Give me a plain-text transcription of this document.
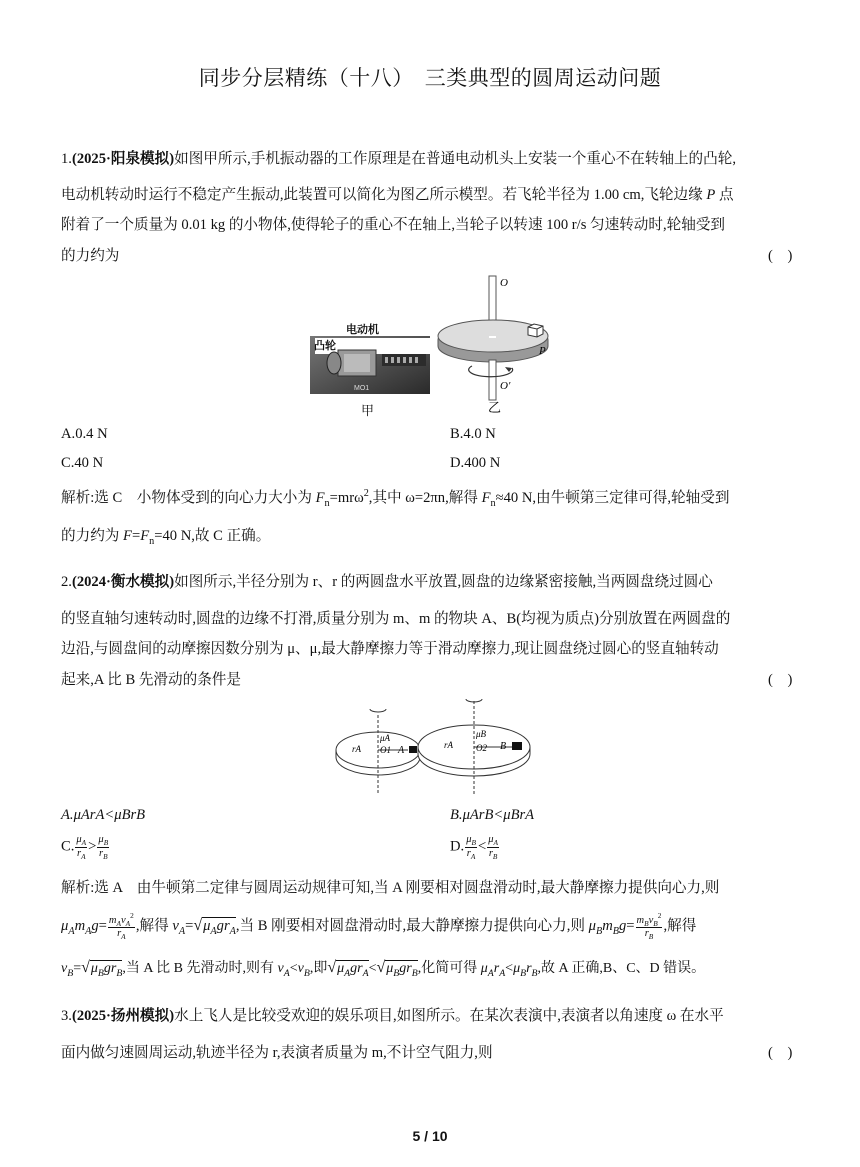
同步分层精练（十八）　三类典型的圆周运动问题
1.(2025·阳泉模拟)如图甲所示,手机振动器的工作原理是在普通电动机头上安装一个重心不在转轴上的凸轮,
电动机转动时运行不稳定产生振动,此装置可以简化为图乙所示模型。若飞轮半径为 1.00 cm,飞轮边缘 P 点
附着了一个质量为 0.01 kg 的小物体,使得轮子的重心不在轴上,当轮子以转速 100 r/s 匀速转动时,轮轴受到
的力约为	(　)
MO1
凸轮
电动机
甲
O
O′
P
乙
A.0.4 N	B.4.0 N
C.40 N	D.400 N
解析:选 C　小物体受到的向心力大小为 $F_n=mr\omega^2$,其中 ω=2πn,解得 $F_n\approx 40$ N,由牛顿第三定律可得,轮轴受到
的力约为 $F=F_n=40$ N,故 C 正确。
2.(2024·衡水模拟)如图所示,半径分别为 r、r 的两圆盘水平放置,圆盘的边缘紧密接触,当两圆盘绕过圆心
的竖直轴匀速转动时,圆盘的边缘不打滑,质量分别为 m、m 的物块 A、B(均视为质点)分别放置在两圆盘的
边沿,与圆盘间的动摩擦因数分别为 μ、μ,最大静摩擦力等于滑动摩擦力,现让圆盘绕过圆心的竖直轴转动
起来,A 比 B 先滑动的条件是	(　)
μA	μB
rA	rA
O1	O2
A	B
A.μArA<μBrB	B.μArB<μBrA
C. $\frac{\mu_A}{r_A} > \frac{\mu_B}{r_B}$	D. $\frac{\mu_B}{r_A} < \frac{\mu_A}{r_B}$
解析:选 A　由牛顿第二定律与圆周运动规律可知,当 A 刚要相对圆盘滑动时,最大静摩擦力提供向心力,则
$\mu_Am_Ag= \frac{m_Av_A^2}{r_A}$ ,解得 $v_A=√\mu_Agr_A$,当 B 刚要相对圆盘滑动时,最大静摩擦力提供向心力,则 $\mu_Bm_Bg= \frac{m_Bv_B^2}{r_B}$ ,解得
$v_B=√\mu_Bgr_B$,当 A 比 B 先滑动时,则有 $v_A<v_B$,即$√\mu_Agr_A<√\mu_Bgr_B$,化简可得 $\mu_Ar_A<\mu_Br_B$,故 A 正确,B、C、D 错误。
3.(2025·扬州模拟)水上飞人是比较受欢迎的娱乐项目,如图所示。在某次表演中,表演者以角速度 ω 在水平
面内做匀速圆周运动,轨迹半径为 r,表演者质量为 m,不计空气阻力,则	(　)
5 / 10
